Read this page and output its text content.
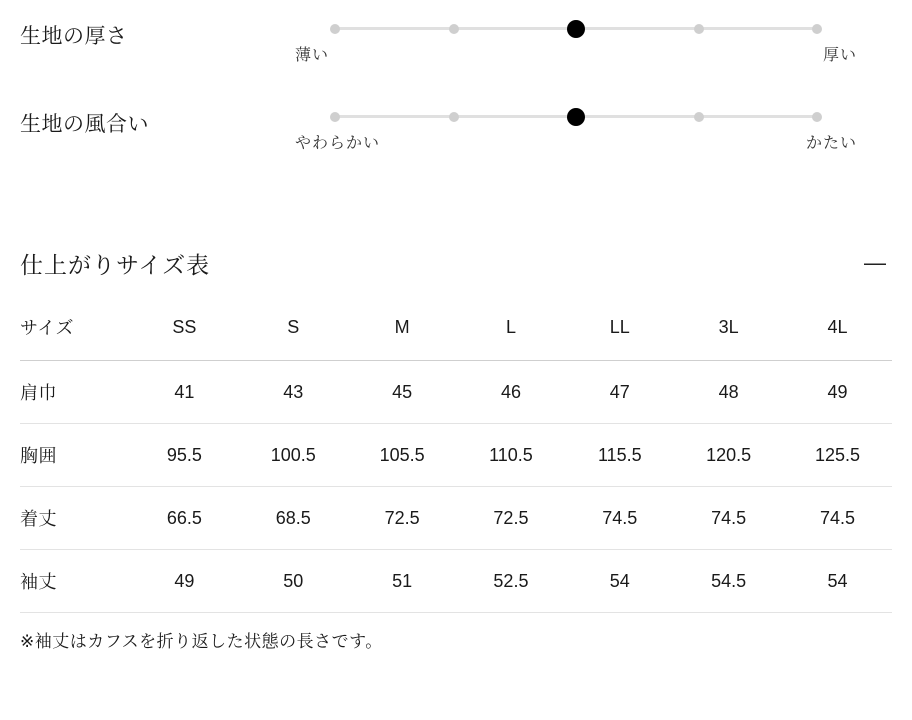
生地の厚さ
薄い	厚い
生地の風合い
やわらかい	かたい
仕上がりサイズ表	—
サイズ	SS	S	M	L	LL	3L	4L
肩巾	41	43	45	46	47	48	49
胸囲	95.5	100.5	105.5	110.5	115.5	120.5	125.5
着丈	66.5	68.5	72.5	72.5	74.5	74.5	74.5
袖丈	49	50	51	52.5	54	54.5	54
※袖丈はカフスを折り返した状態の長さです。
